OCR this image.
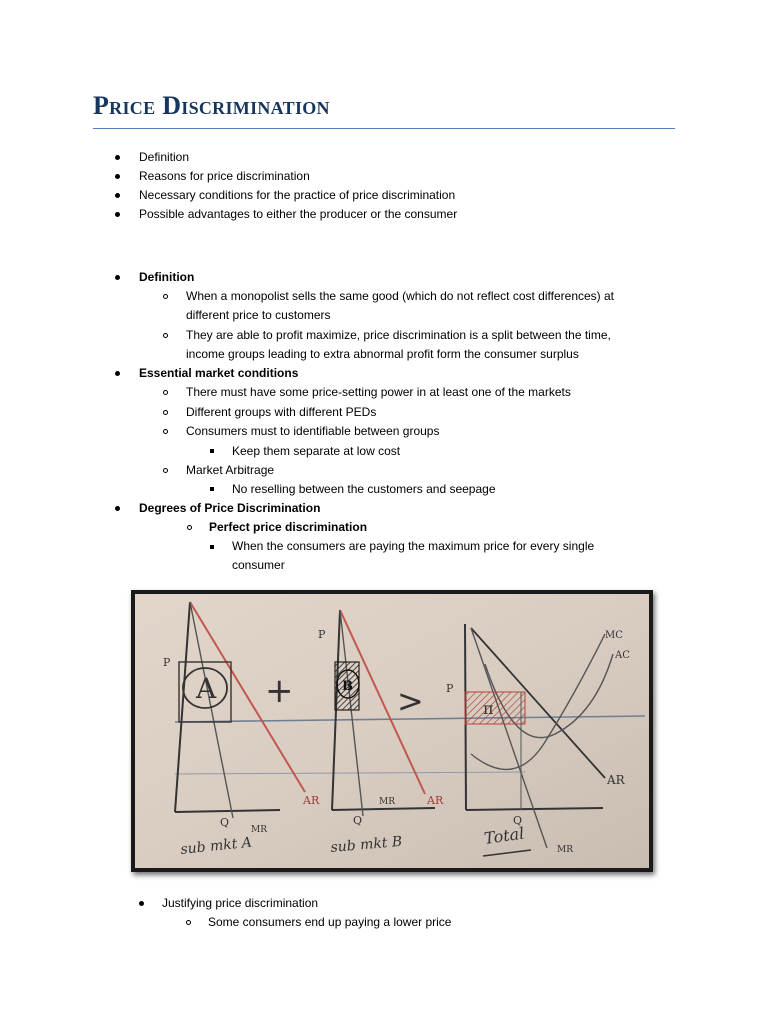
Price Discrimination
Definition
Reasons for price discrimination
Necessary conditions for the practice of price discrimination
Possible advantages to either the producer or the consumer
Definition
When a monopolist sells the same good (which do not reflect cost differences) at
different price to customers
They are able to profit maximize, price discrimination is a split between the time,
income groups leading to extra abnormal profit form the consumer surplus
Essential market conditions
There must have some price-setting power in at least one of the markets
Different groups with different PEDs
Consumers must to identifiable between groups
Keep them separate at low cost
Market Arbitrage
No reselling between the customers and seepage
Degrees of Price Discrimination
Perfect price discrimination
When the consumers are paying the maximum price for every single
consumer
A
P
AR
Q
MR
sub mkt A
+	B
P
AR
Q
MR
sub mkt B
>	π
P
MC
AC
AR
Q
MR
Total
Justifying price discrimination
Some consumers end up paying a lower price
